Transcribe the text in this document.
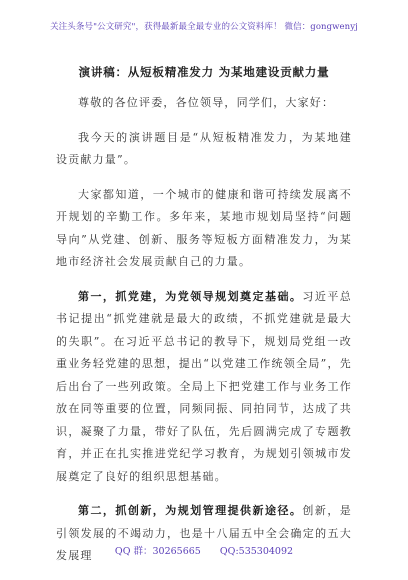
关注头条号"公文研究"，获得最新最全最专业的公文资料库！ 微信：gongwenyj
演讲稿：从短板精准发力 为某地建设贡献力量

尊敬的各位评委，各位领导，同学们，大家好：

我今天的演讲题目是“从短板精准发力，为某地建设贡献力量”。

大家都知道，一个城市的健康和谐可持续发展离不开规划的辛勤工作。多年来，某地市规划局坚持“问题导向”从党建、创新、服务等短板方面精准发力，为某地市经济社会发展贡献自己的力量。

第一，抓党建，为党领导规划奠定基础。习近平总书记提出“抓党建就是最大的政绩，不抓党建就是最大的失职”。在习近平总书记的教导下，规划局党组一改重业务轻党建的思想，提出“以党建工作统领全局”，先后出台了一些列政策。全局上下把党建工作与业务工作放在同等重要的位置，同频同振、同拍同节，达成了共识，凝聚了力量，带好了队伍，先后圆满完成了专题教育，并正在扎实推进党纪学习教育，为规划引领城市发展奠定了良好的组织思想基础。

第二，抓创新，为规划管理提供新途径。创新，是引领发展的不竭动力，也是十八届五中全会确定的五大发展理	QQ 群：30265665 QQ:535304092
